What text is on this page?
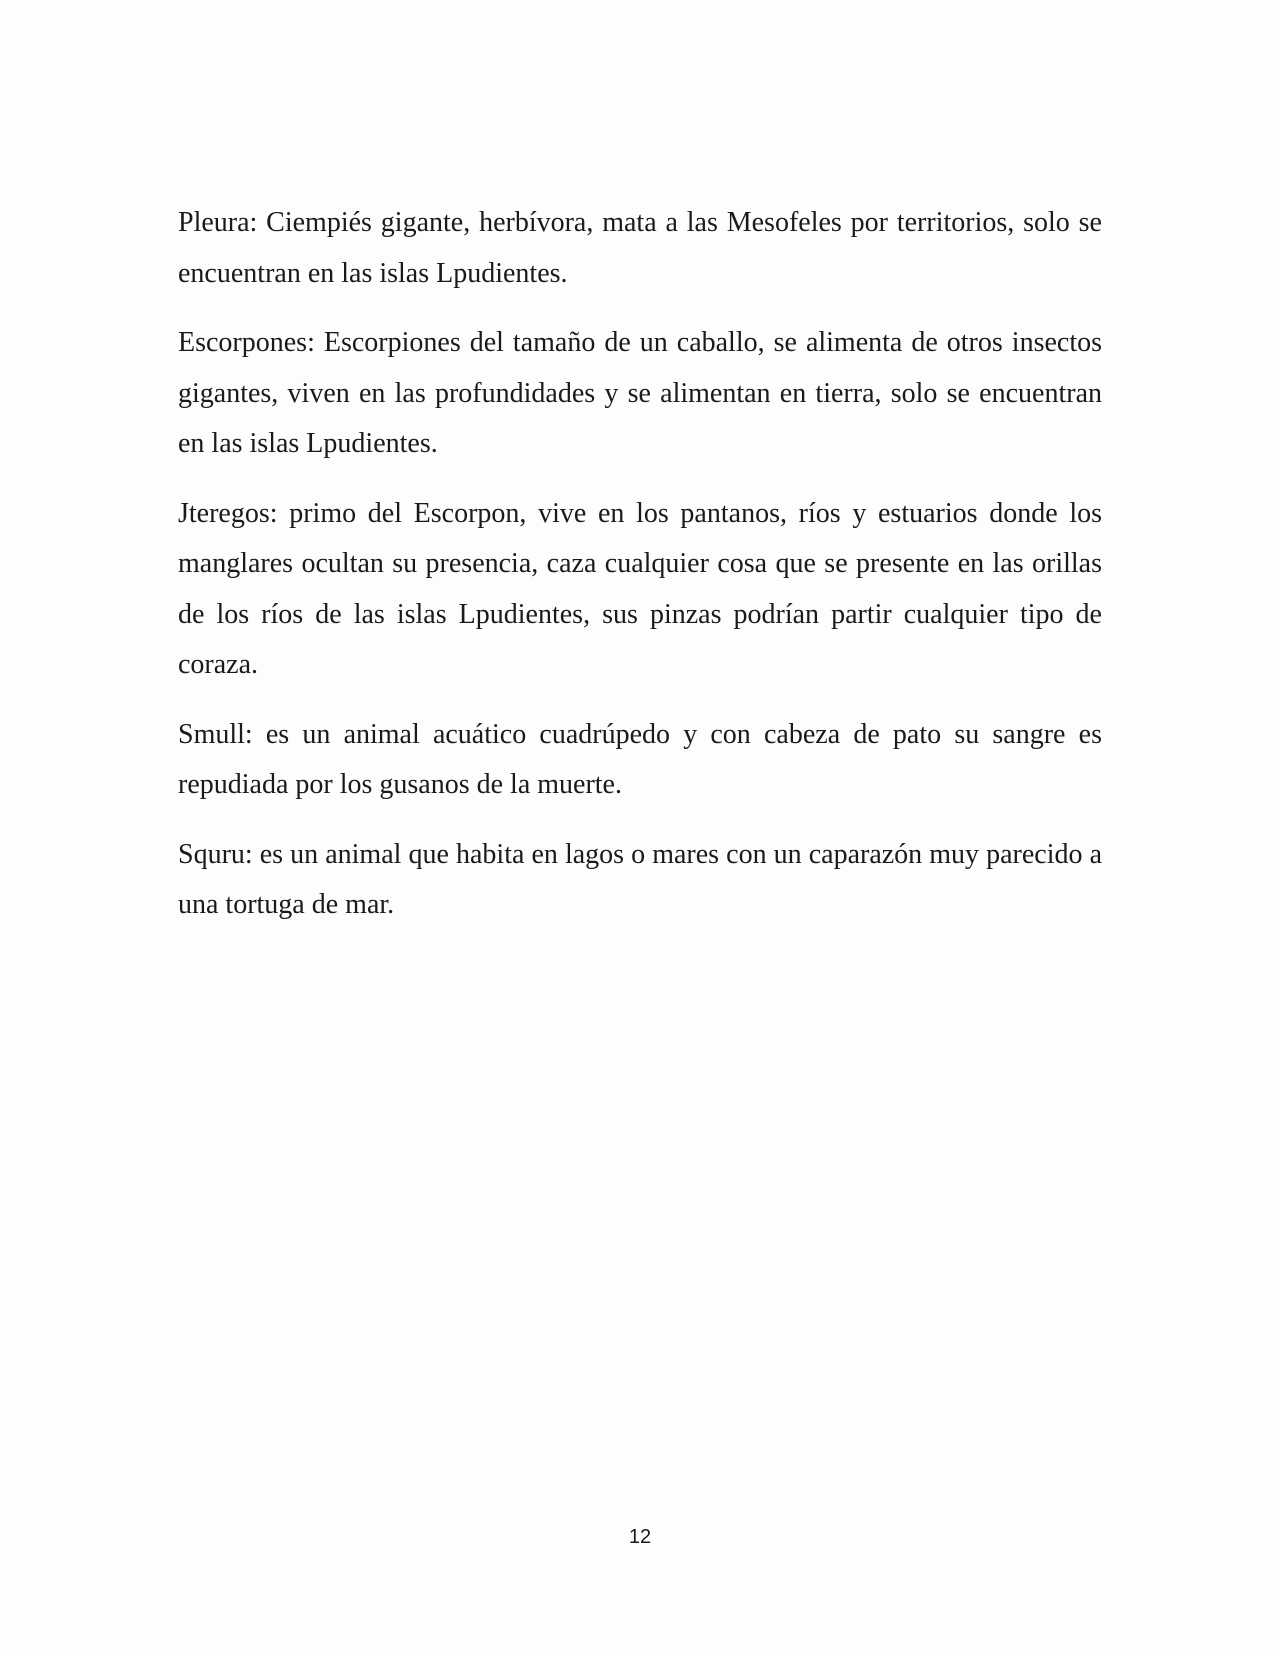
Pleura: Ciempiés gigante, herbívora, mata a las Mesofeles por territorios, solo se encuentran en las islas Lpudientes.

Escorpones: Escorpiones del tamaño de un caballo, se alimenta de otros insectos gigantes, viven en las profundidades y se alimentan en tierra, solo se encuentran en las islas Lpudientes.

Jteregos: primo del Escorpon, vive en los pantanos, ríos y estuarios donde los manglares ocultan su presencia, caza cualquier cosa que se presente en las orillas de los ríos de las islas Lpudientes, sus pinzas podrían partir cualquier tipo de coraza.

Smull: es un animal acuático cuadrúpedo y con cabeza de pato su sangre es repudiada por los gusanos de la muerte.

Squru: es un animal que habita en lagos o mares con un caparazón muy parecido a una tortuga de mar.

12
